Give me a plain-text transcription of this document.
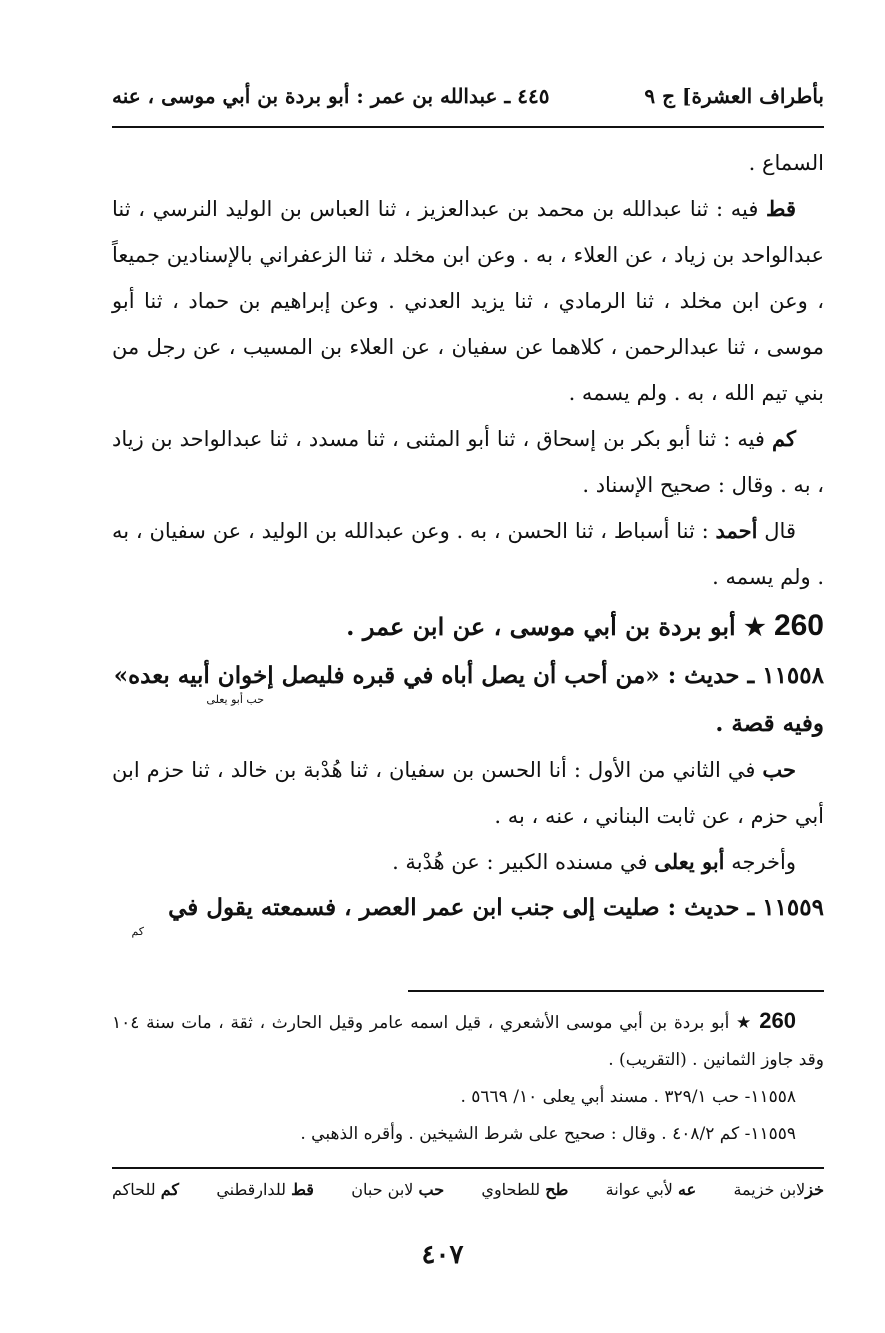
بأطراف العشرة] ج ٩
٤٤٥ ـ عبدالله بن عمر : أبو بردة بن أبي موسى ، عنه

السماع .

قط فيه : ثنا عبدالله بن محمد بن عبدالعزيز ، ثنا العباس بن الوليد النرسي ، ثنا عبدالواحد بن زياد ، عن العلاء ، به . وعن ابن مخلد ، ثنا الزعفراني بالإسنادين جميعاً ، وعن ابن مخلد ، ثنا الرمادي ، ثنا يزيد العدني . وعن إبراهيم بن حماد ، ثنا أبو موسى ، ثنا عبدالرحمن ، كلاهما عن سفيان ، عن العلاء بن المسيب ، عن رجل من بني تيم الله ، به . ولم يسمه .

كم فيه : ثنا أبو بكر بن إسحاق ، ثنا أبو المثنى ، ثنا مسدد ، ثنا عبدالواحد بن زياد ، به . وقال : صحيح الإسناد .

قال أحمد : ثنا أسباط ، ثنا الحسن ، به . وعن عبدالله بن الوليد ، عن سفيان ، به . ولم يسمه .

260 ★ أبو بردة بن أبي موسى ، عن ابن عمر .

١١٥٥٨ ـ حديث : «من أحب أن يصل أباه في قبره فليصل إخوان أبيه بعده»
حب أبو يعلى
وفيه قصة .

حب في الثاني من الأول : أنا الحسن بن سفيان ، ثنا هُدْبة بن خالد ، ثنا حزم ابن أبي حزم ، عن ثابت البناني ، عنه ، به .

وأخرجه أبو يعلى في مسنده الكبير : عن هُدْبة .

١١٥٥٩ ـ حديث : صليت إلى جنب ابن عمر العصر ، فسمعته يقول في
كم

260 ★ أبو بردة بن أبي موسى الأشعري ، قيل اسمه عامر وقيل الحارث ، ثقة ، مات سنة ١٠٤ وقد جاوز الثمانين . (التقريب) .

١١٥٥٨- حب ٣٢٩/١ . مسند أبي يعلى ١٠/ ٥٦٦٩ .

١١٥٥٩- كم ٤٠٨/٢ . وقال : صحيح على شرط الشيخين . وأقره الذهبي .

خزلابن خزيمة
عه لأبي عوانة
طح للطحاوي
حب لابن حبان
قط للدارقطني
كم للحاكم
٤٠٧
